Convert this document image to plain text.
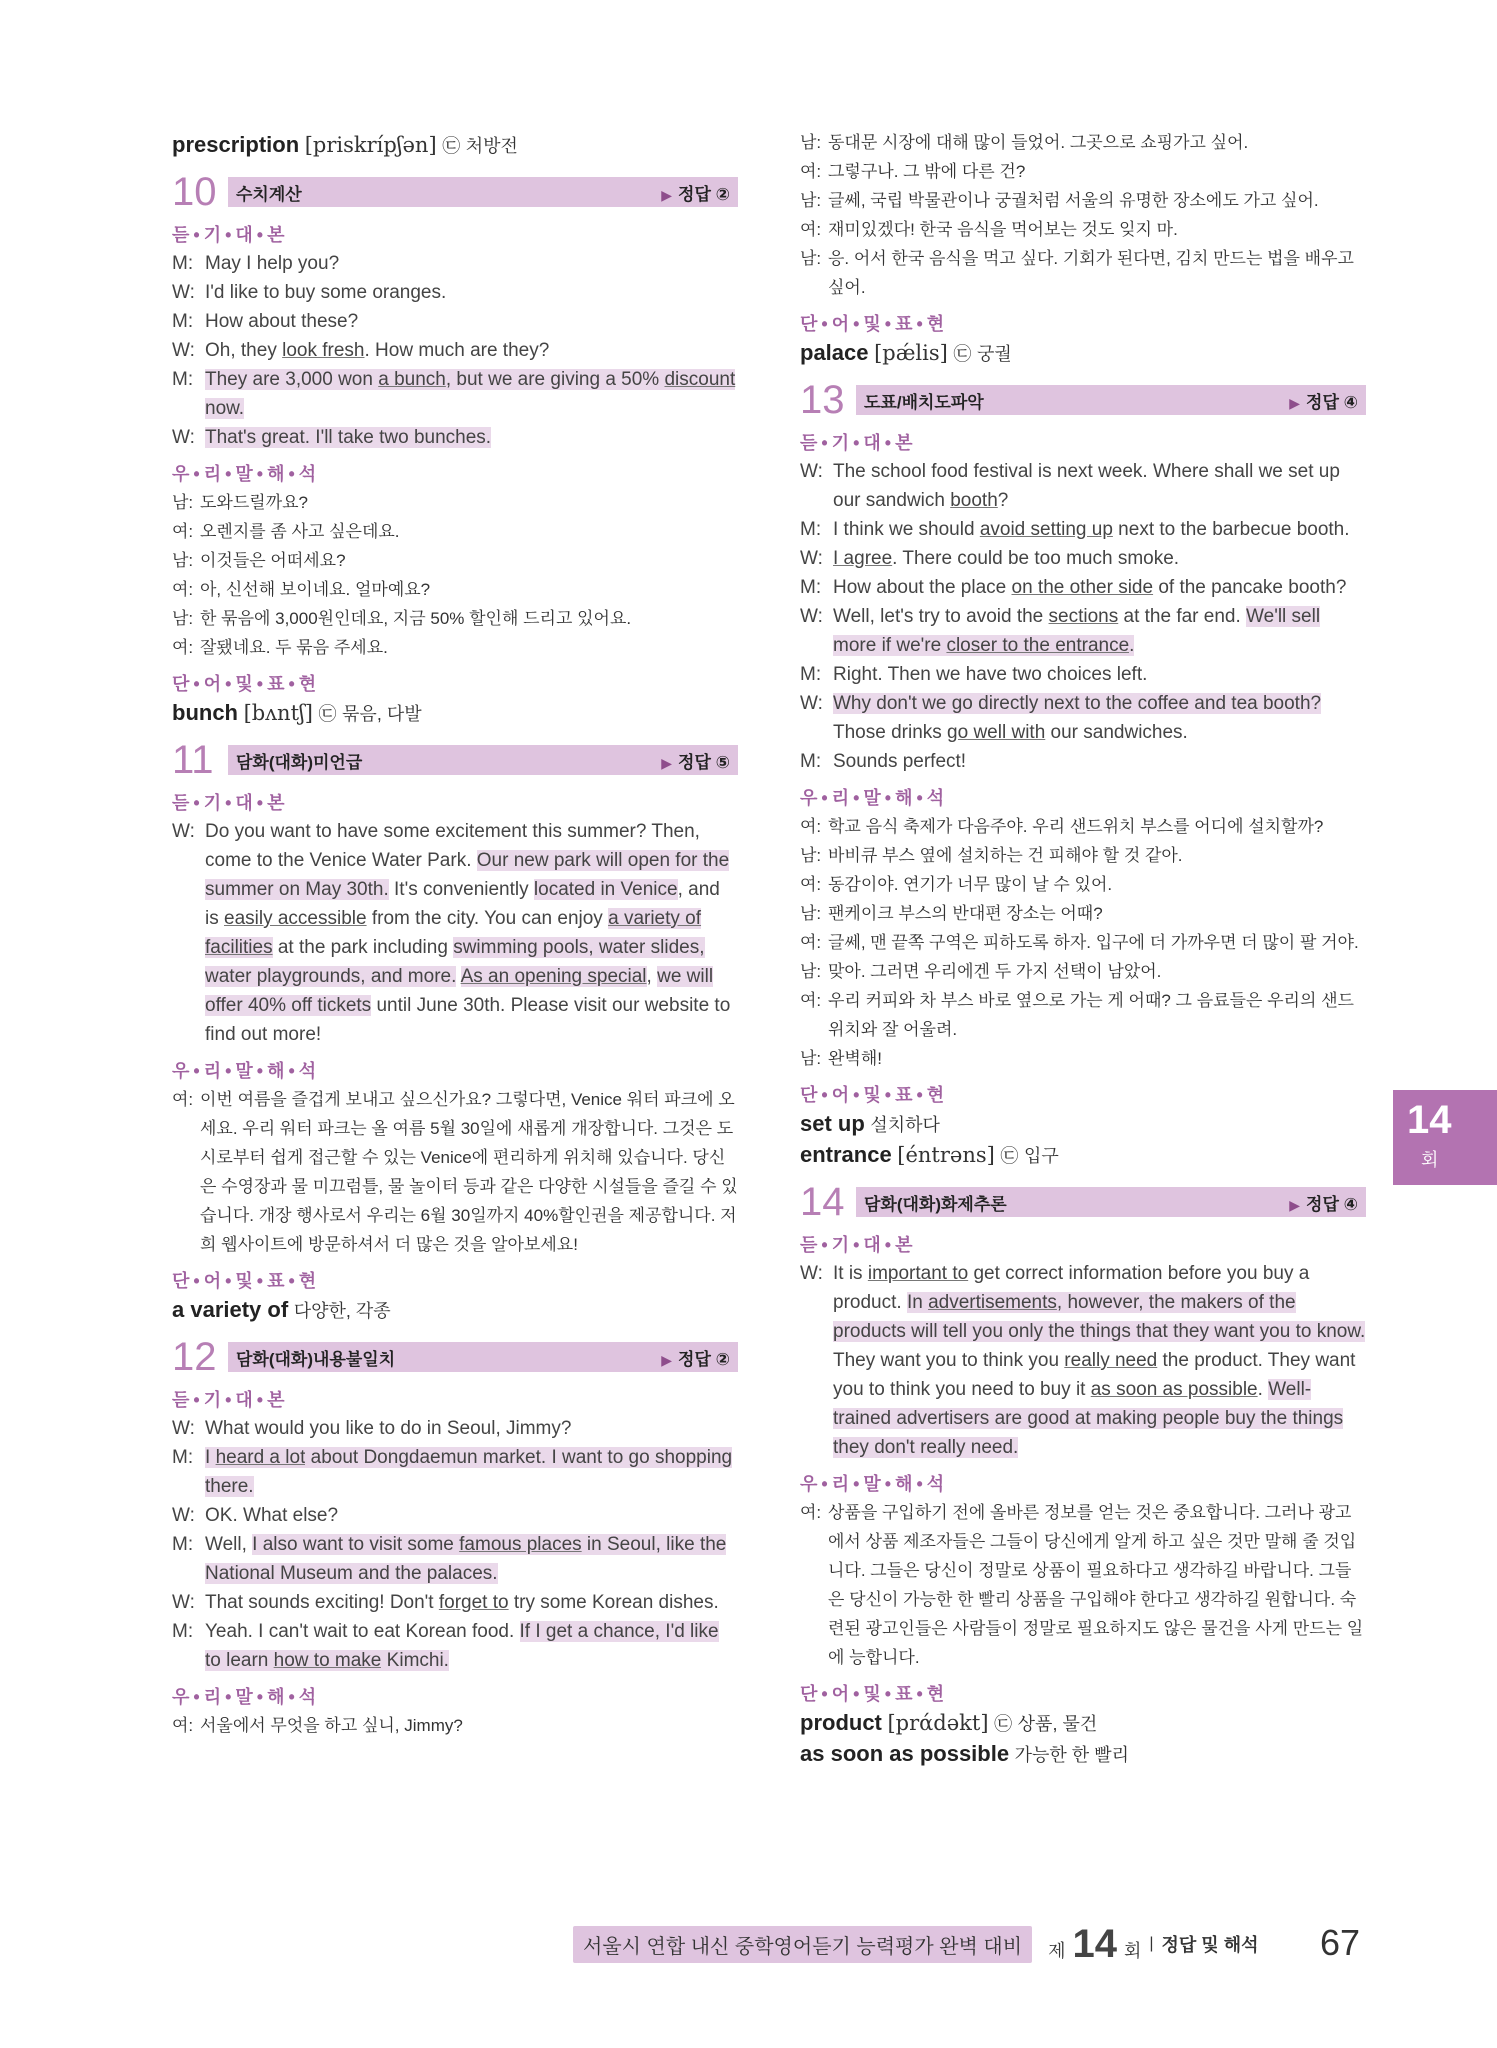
prescription [priskrípʃən] ㉢ 처방전
10	수치계산	▶ 정답 ②
듣•기•대•본
M: May I help you?
W: I'd like to buy some oranges.
M: How about these?
W: Oh, they look fresh. How much are they?
M: They are 3,000 won a bunch, but we are giving a 50% discount now.
W: That's great. I'll take two bunches.
우•리•말•해•석
남: 도와드릴까요?
여: 오렌지를 좀 사고 싶은데요.
남: 이것들은 어떠세요?
여: 아, 신선해 보이네요. 얼마예요?
남: 한 묶음에 3,000원인데요, 지금 50% 할인해 드리고 있어요.
여: 잘됐네요. 두 묶음 주세요.
단•어•및•표•현
bunch [bʌntʃ] ㉢ 묶음, 다발
11	담화(대화)미언급	▶ 정답 ⑤
듣•기•대•본
W: Do you want to have some excitement this summer? Then, come to the Venice Water Park. Our new park will open for the summer on May 30th. It's conveniently located in Venice, and is easily accessible from the city. You can enjoy a variety of facilities at the park including swimming pools, water slides, water playgrounds, and more. As an opening special, we will offer 40% off tickets until June 30th. Please visit our website to find out more!
우•리•말•해•석
여: 이번 여름을 즐겁게 보내고 싶으신가요? 그렇다면, Venice 워터 파크에 오세요. 우리 워터 파크는 올 여름 5월 30일에 새롭게 개장합니다. 그것은 도시로부터 쉽게 접근할 수 있는 Venice에 편리하게 위치해 있습니다. 당신은 수영장과 물 미끄럼틀, 물 놀이터 등과 같은 다양한 시설들을 즐길 수 있습니다. 개장 행사로서 우리는 6월 30일까지 40%할인권을 제공합니다. 저희 웹사이트에 방문하셔서 더 많은 것을 알아보세요!
단•어•및•표•현
a variety of 다양한, 각종
12	담화(대화)내용불일치	▶ 정답 ②
듣•기•대•본
W: What would you like to do in Seoul, Jimmy?
M: I heard a lot about Dongdaemun market. I want to go shopping there.
W: OK. What else?
M: Well, I also want to visit some famous places in Seoul, like the National Museum and the palaces.
W: That sounds exciting! Don't forget to try some Korean dishes.
M: Yeah. I can't wait to eat Korean food. If I get a chance, I'd like to learn how to make Kimchi.
우•리•말•해•석
여: 서울에서 무엇을 하고 싶니, Jimmy?
남: 동대문 시장에 대해 많이 들었어. 그곳으로 쇼핑가고 싶어.
여: 그렇구나. 그 밖에 다른 건?
남: 글쎄, 국립 박물관이나 궁궐처럼 서울의 유명한 장소에도 가고 싶어.
여: 재미있겠다! 한국 음식을 먹어보는 것도 잊지 마.
남: 응. 어서 한국 음식을 먹고 싶다. 기회가 된다면, 김치 만드는 법을 배우고 싶어.
단•어•및•표•현
palace [pǽlis] ㉢ 궁궐
13	도표/배치도파악	▶ 정답 ④
듣•기•대•본
W: The school food festival is next week. Where shall we set up our sandwich booth?
M: I think we should avoid setting up next to the barbecue booth.
W: I agree. There could be too much smoke.
M: How about the place on the other side of the pancake booth?
W: Well, let's try to avoid the sections at the far end. We'll sell more if we're closer to the entrance.
M: Right. Then we have two choices left.
W: Why don't we go directly next to the coffee and tea booth? Those drinks go well with our sandwiches.
M: Sounds perfect!
우•리•말•해•석
여: 학교 음식 축제가 다음주야. 우리 샌드위치 부스를 어디에 설치할까?
남: 바비큐 부스 옆에 설치하는 건 피해야 할 것 같아.
여: 동감이야. 연기가 너무 많이 날 수 있어.
남: 팬케이크 부스의 반대편 장소는 어때?
여: 글쎄, 맨 끝쪽 구역은 피하도록 하자. 입구에 더 가까우면 더 많이 팔 거야.
남: 맞아. 그러면 우리에겐 두 가지 선택이 남았어.
여: 우리 커피와 차 부스 바로 옆으로 가는 게 어때? 그 음료들은 우리의 샌드위치와 잘 어울려.
남: 완벽해!
단•어•및•표•현
set up 설치하다
entrance [éntrəns] ㉢ 입구
14	담화(대화)화제추론	▶ 정답 ④
듣•기•대•본
W: It is important to get correct information before you buy a product. In advertisements, however, the makers of the products will tell you only the things that they want you to know. They want you to think you really need the product. They want you to think you need to buy it as soon as possible. Well-trained advertisers are good at making people buy the things they don't really need.
우•리•말•해•석
여: 상품을 구입하기 전에 올바른 정보를 얻는 것은 중요합니다. 그러나 광고에서 상품 제조자들은 그들이 당신에게 알게 하고 싶은 것만 말해 줄 것입니다. 그들은 당신이 정말로 상품이 필요하다고 생각하길 바랍니다. 그들은 당신이 가능한 한 빨리 상품을 구입해야 한다고 생각하길 원합니다. 숙련된 광고인들은 사람들이 정말로 필요하지도 않은 물건을 사게 만드는 일에 능합니다.
단•어•및•표•현
product [prάdəkt] ㉢ 상품, 물건
as soon as possible 가능한 한 빨리
14
회
서울시 연합 내신 중학영어듣기 능력평가 완벽 대비	제 14 회 | 정답 및 해석 67
